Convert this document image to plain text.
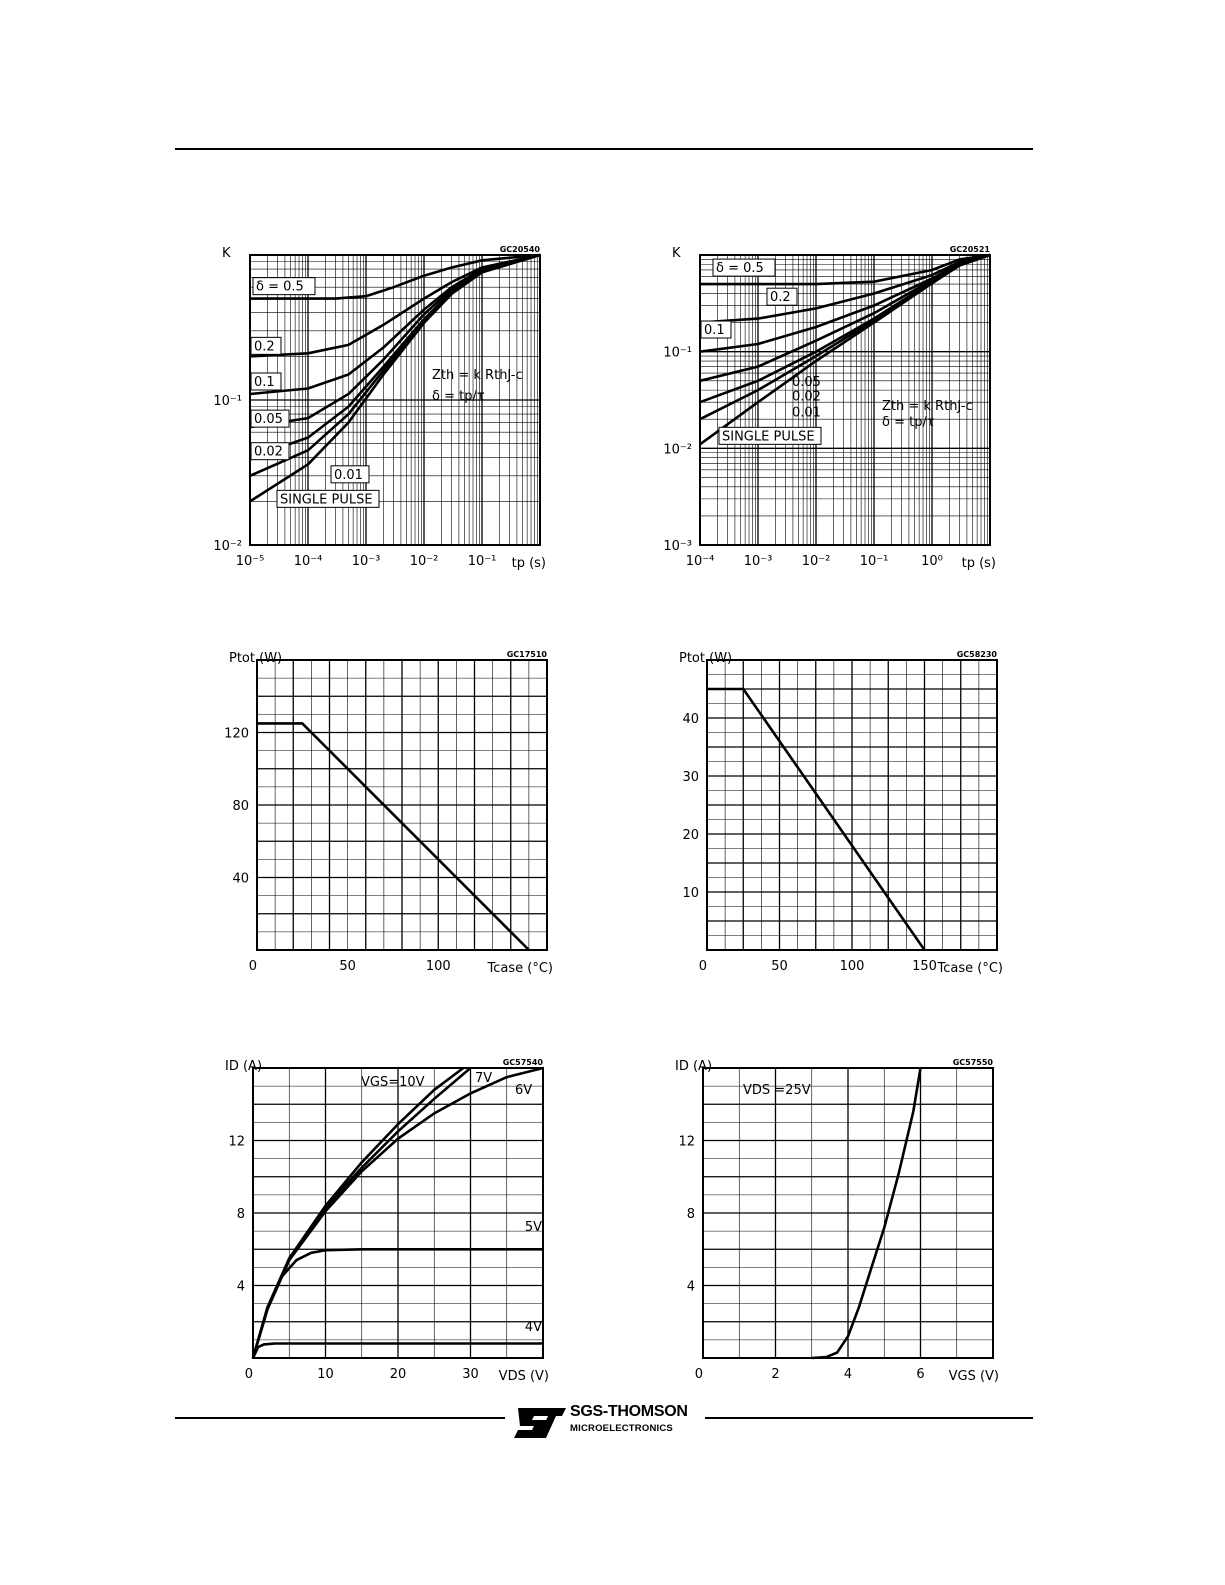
GC20540
K
tp (s)
10⁻⁵ 10⁻⁴ 10⁻³ 10⁻² 10⁻¹
10⁻¹
10⁻²
δ = 0.5
0.2
0.1
0.05
0.02
0.01
SINGLE PULSE
Zth = k RthJ-c
δ = tp/τ
GC20521
K
tp (s)
10⁻⁴ 10⁻³ 10⁻² 10⁻¹	10⁰
10⁻¹
10⁻²
10⁻³
δ = 0.5
0.2
0.1
0.05
0.02
0.01
SINGLE PULSE
Zth = k RthJ-c
δ = tp/τ
GC17510
Ptot (W)
Tcase (°C)
0	50	100
40
80
120
GC58230
Ptot (W)
Tcase (°C)
0	50	100	150
10
20
30
40
GC57540
ID (A)
VDS (V)
0	10	20	30
4
8
12
VGS=10V	7V
6V
5V
4V
GC57550
ID (A)
VGS (V)
0	2	4	6
4
8
12
VDS =25V
SGS-THOMSON
MICROELECTRONICS
